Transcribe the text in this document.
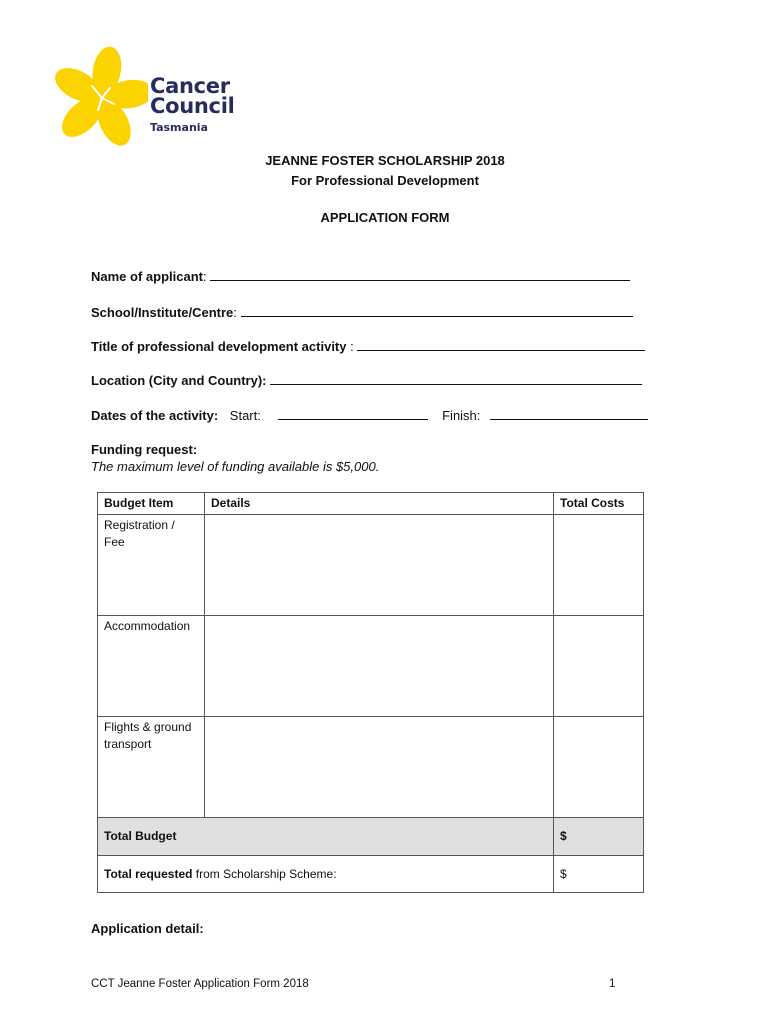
Cancer
Council
Tasmania
JEANNE FOSTER SCHOLARSHIP 2018
For Professional Development
APPLICATION FORM
Name of applicant:
School/Institute/Centre:
Title of professional development activity :
Location (City and Country):
Dates of the activity: Start:	Finish:
Funding request:
The maximum level of funding available is $5,000.
Budget Item	Details	Total Costs
Registration / Fee		
Accommodation		
Flights & ground transport		
Total Budget		$
Total requested from Scholarship Scheme:		$
Application detail:
CCT Jeanne Foster Application Form 2018	1
